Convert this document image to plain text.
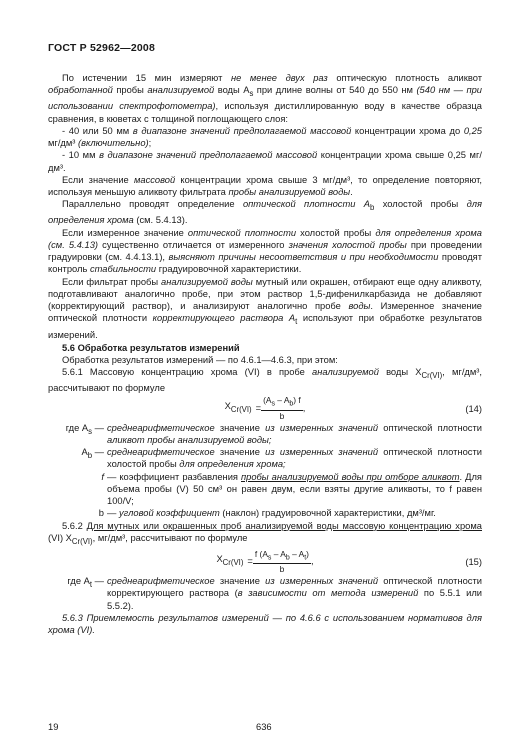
ГОСТ Р 52962—2008

По истечении 15 мин измеряют не менее двух раз оптическую плотность аликвот обработанной пробы анализируемой воды $A_s$ при длине волны от 540 до 550 нм (540 нм — при использовании спектрофотометра), используя дистиллированную воду в качестве образца сравнения, в кюветах с толщиной поглощающего слоя:

- 40 или 50 мм в диапазоне значений предполагаемой массовой концентрации хрома до 0,25 мг/дм³ (включительно);

- 10 мм в диапазоне значений предполагаемой массовой концентрации хрома свыше 0,25 мг/дм³.

Если значение массовой концентрации хрома свыше 3 мг/дм³, то определение повторяют, используя меньшую аликвоту фильтрата пробы анализируемой воды.

Параллельно проводят определение оптической плотности $A_b$ холостой пробы для определения хрома (см. 5.4.13).

Если измеренное значение оптической плотности холостой пробы для определения хрома (см. 5.4.13) существенно отличается от измеренного значения холостой пробы при проведении градуировки (см. 4.4.13.1), выясняют причины несоответствия и при необходимости проводят контроль стабильности градуировочной характеристики.

Если фильтрат пробы анализируемой воды мутный или окрашен, отбирают еще одну аликвоту, подготавливают аналогично пробе, при этом раствор 1,5-дифенилкарбазида не добавляют (корректирующий раствор), и анализируют аналогично пробе воды. Измеренное значение оптической плотности корректирующего раствора $A_t$ используют при обработке результатов измерений.

5.6 Обработка результатов измерений

Обработка результатов измерений — по 4.6.1—4.6.3, при этом:

5.6.1 Массовую концентрацию хрома (VI) в пробе анализируемой воды $X_{Cr(VI)}$, мг/дм³, рассчитывают по формуле

$X_{Cr(VI)} = \frac{(A_s - A_b) f}{b}$ ,	(14)
где $A_s$ — среднеарифметическое значение из измеренных значений оптической плотности аликвот пробы анализируемой воды;
$A_b$ — среднеарифметическое значение из измеренных значений оптической плотности холостой пробы для определения хрома;
f — коэффициент разбавления пробы анализируемой воды при отборе аликвот. Для объема пробы (V) 50 см³ он равен двум, если взяты другие аликвоты, то f равен 100/V;
b — угловой коэффициент (наклон) градуировочной характеристики, дм³/мг.

5.6.2 Для мутных или окрашенных проб анализируемой воды массовую концентрацию хрома (VI) $X_{Cr(VI)}$, мг/дм³, рассчитывают по формуле

$X_{Cr(VI)} = \frac{f (A_s - A_b - A_t)}{b}$ ,	(15)
где $A_t$ — среднеарифметическое значение из измеренных значений оптической плотности корректирующего раствора (в зависимости от метода измерений по 5.5.1 или 5.5.2).

5.6.3 Приемлемость результатов измерений — по 4.6.6 с использованием нормативов для хрома (VI).

19	636
